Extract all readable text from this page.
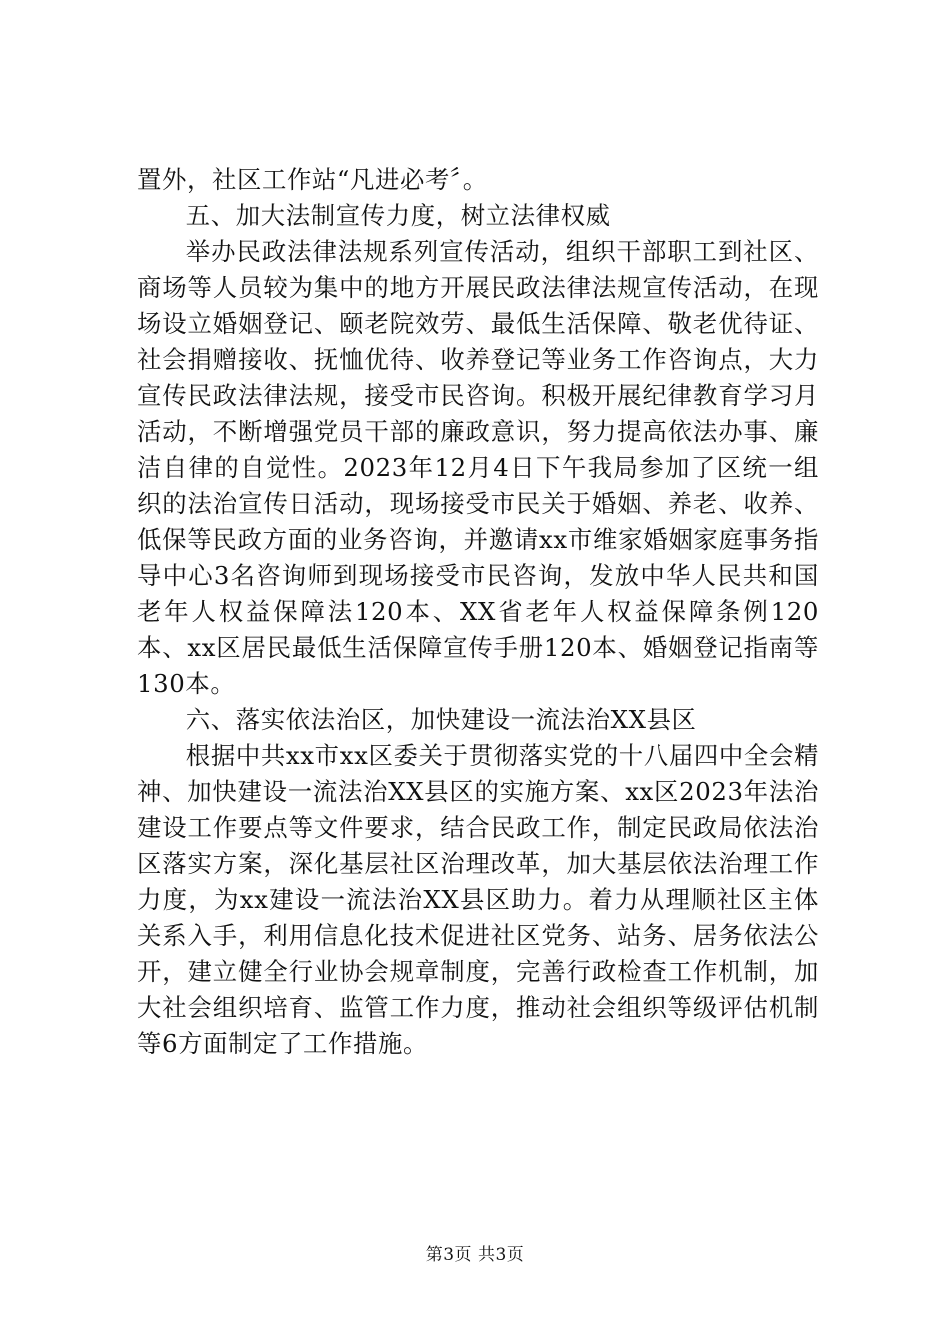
置外，社区工作站“凡进必考〞。

五、加大法制宣传力度，树立法律权威

举办民政法律法规系列宣传活动，组织干部职工到社区、商场等人员较为集中的地方开展民政法律法规宣传活动，在现场设立婚姻登记、颐老院效劳、最低生活保障、敬老优待证、社会捐赠接收、抚恤优待、收养登记等业务工作咨询点，大力宣传民政法律法规，接受市民咨询。积极开展纪律教育学习月活动，不断增强党员干部的廉政意识，努力提高依法办事、廉洁自律的自觉性。2023年12月4日下午我局参加了区统一组织的法治宣传日活动，现场接受市民关于婚姻、养老、收养、低保等民政方面的业务咨询，并邀请xx市维家婚姻家庭事务指导中心3名咨询师到现场接受市民咨询，发放中华人民共和国老年人权益保障法120本、XX省老年人权益保障条例120本、xx区居民最低生活保障宣传手册120本、婚姻登记指南等130本。

六、落实依法治区，加快建设一流法治XX县区

根据中共xx市xx区委关于贯彻落实党的十八届四中全会精神、加快建设一流法治XX县区的实施方案、xx区2023年法治建设工作要点等文件要求，结合民政工作，制定民政局依法治区落实方案，深化基层社区治理改革，加大基层依法治理工作力度，为xx建设一流法治XX县区助力。着力从理顺社区主体关系入手，利用信息化技术促进社区党务、站务、居务依法公开，建立健全行业协会规章制度，完善行政检查工作机制，加大社会组织培育、监管工作力度，推动社会组织等级评估机制等6方面制定了工作措施。

第3页 共3页
